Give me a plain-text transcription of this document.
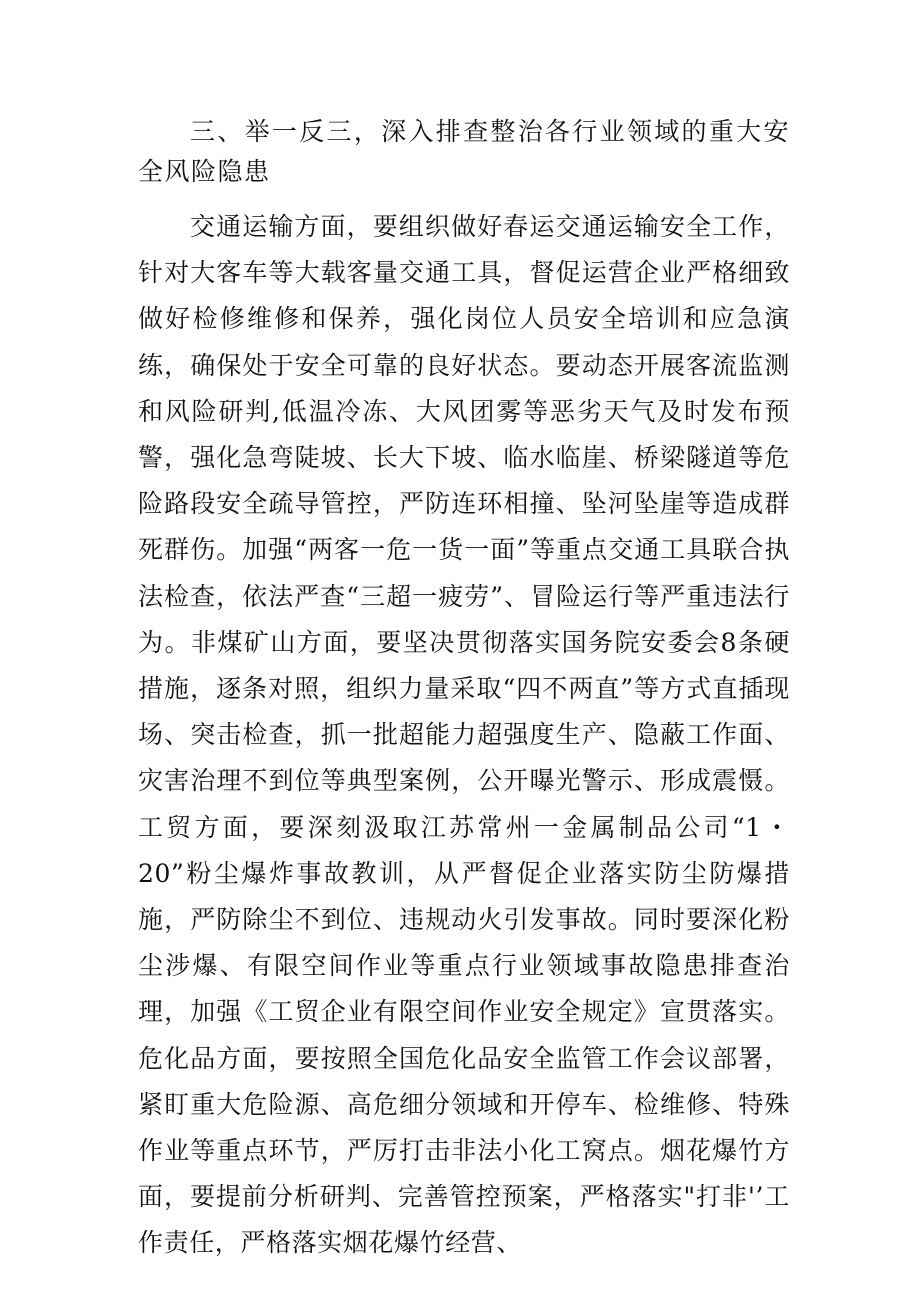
三、举一反三，深入排查整治各行业领域的重大安全风险隐患

交通运输方面，要组织做好春运交通运输安全工作，针对大客车等大载客量交通工具，督促运营企业严格细致做好检修维修和保养，强化岗位人员安全培训和应急演练，确保处于安全可靠的良好状态。要动态开展客流监测和风险研判,低温冷冻、大风团雾等恶劣天气及时发布预警，强化急弯陡坡、长大下坡、临水临崖、桥梁隧道等危险路段安全疏导管控，严防连环相撞、坠河坠崖等造成群死群伤。加强“两客一危一货一面”等重点交通工具联合执法检查，依法严查“三超一疲劳”、冒险运行等严重违法行为。非煤矿山方面，要坚决贯彻落实国务院安委会8条硬措施，逐条对照，组织力量采取“四不两直”等方式直插现场、突击检查，抓一批超能力超强度生产、隐蔽工作面、灾害治理不到位等典型案例，公开曝光警示、形成震慑。工贸方面，要深刻汲取江苏常州一金属制品公司“1・20”粉尘爆炸事故教训，从严督促企业落实防尘防爆措施，严防除尘不到位、违规动火引发事故。同时要深化粉尘涉爆、有限空间作业等重点行业领域事故隐患排查治理，加强《工贸企业有限空间作业安全规定》宣贯落实。危化品方面，要按照全国危化品安全监管工作会议部署，紧盯重大危险源、高危细分领域和开停车、检维修、特殊作业等重点环节，严厉打击非法小化工窝点。烟花爆竹方面，要提前分析研判、完善管控预案，严格落实"打非'’工作责任，严格落实烟花爆竹经营、
